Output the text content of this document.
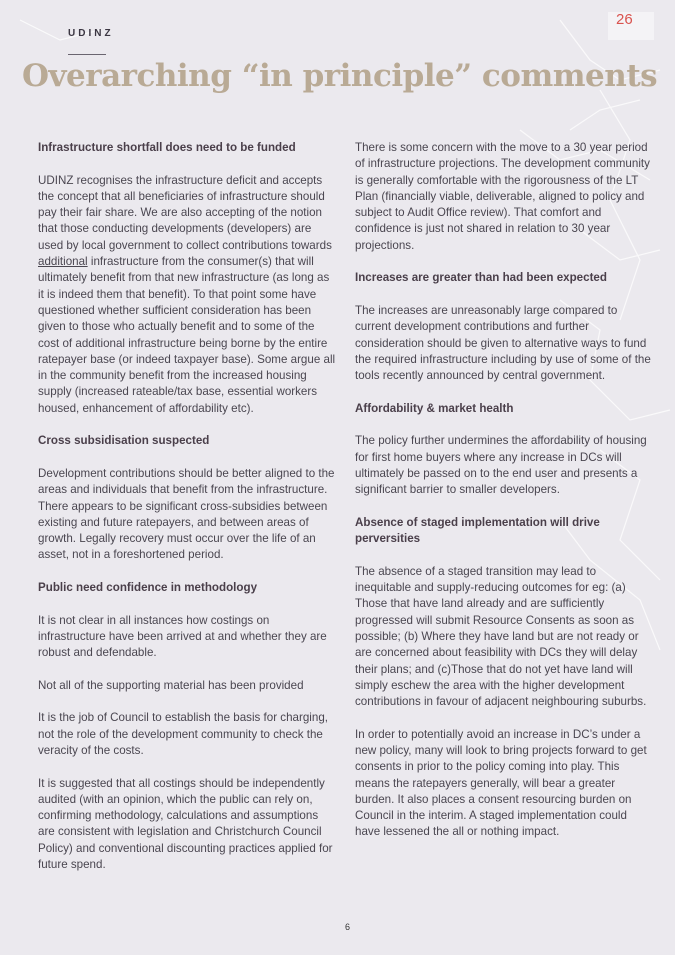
26
UDINZ
Overarching “in principle” comments
Infrastructure shortfall does need to be funded

UDINZ recognises the infrastructure deficit and accepts the concept that all beneficiaries of infrastructure should pay their fair share. We are also accepting of the notion that those conducting developments (developers) are used by local government to collect contributions towards additional infrastructure from the consumer(s) that will ultimately benefit from that new infrastructure (as long as it is indeed them that benefit). To that point some have questioned whether sufficient consideration has been given to those who actually benefit and to some of the cost of additional infrastructure being borne by the entire ratepayer base (or indeed taxpayer base). Some argue all in the community benefit from the increased housing supply (increased rateable/tax base, essential workers housed, enhancement of affordability etc).

Cross subsidisation suspected

Development contributions should be better aligned to the areas and individuals that benefit from the infrastructure. There appears to be significant cross-subsidies between existing and future ratepayers, and between areas of growth. Legally recovery must occur over the life of an asset, not in a foreshortened period.

Public need confidence in methodology

It is not clear in all instances how costings on infrastructure have been arrived at and whether they are robust and defendable.

Not all of the supporting material has been provided

It is the job of Council to establish the basis for charging, not the role of the development community to check the veracity of the costs.

It is suggested that all costings should be independently audited (with an opinion, which the public can rely on, confirming methodology, calculations and assumptions are consistent with legislation and Christchurch Council Policy) and conventional discounting practices applied for future spend.

There is some concern with the move to a 30 year period of infrastructure projections. The development community is generally comfortable with the rigorousness of the LT Plan (financially viable, deliverable, aligned to policy and subject to Audit Office review). That comfort and confidence is just not shared in relation to 30 year projections.

Increases are greater than had been expected

The increases are unreasonably large compared to current development contributions and further consideration should be given to alternative ways to fund the required infrastructure including by use of some of the tools recently announced by central government.

Affordability & market health

The policy further undermines the affordability of housing for first home buyers where any increase in DCs will ultimately be passed on to the end user and presents a significant barrier to smaller developers.

Absence of staged implementation will drive perversities

The absence of a staged transition may lead to inequitable and supply-reducing outcomes for eg: (a) Those that have land already and are sufficiently progressed will submit Resource Consents as soon as possible; (b) Where they have land but are not ready or are concerned about feasibility with DCs they will delay their plans; and (c)Those that do not yet have land will simply eschew the area with the higher development contributions in favour of adjacent neighbouring suburbs.

In order to potentially avoid an increase in DC’s under a new policy, many will look to bring projects forward to get consents in prior to the policy coming into play. This means the ratepayers generally, will bear a greater burden. It also places a consent resourcing burden on Council in the interim. A staged implementation could have lessened the all or nothing impact.

6
